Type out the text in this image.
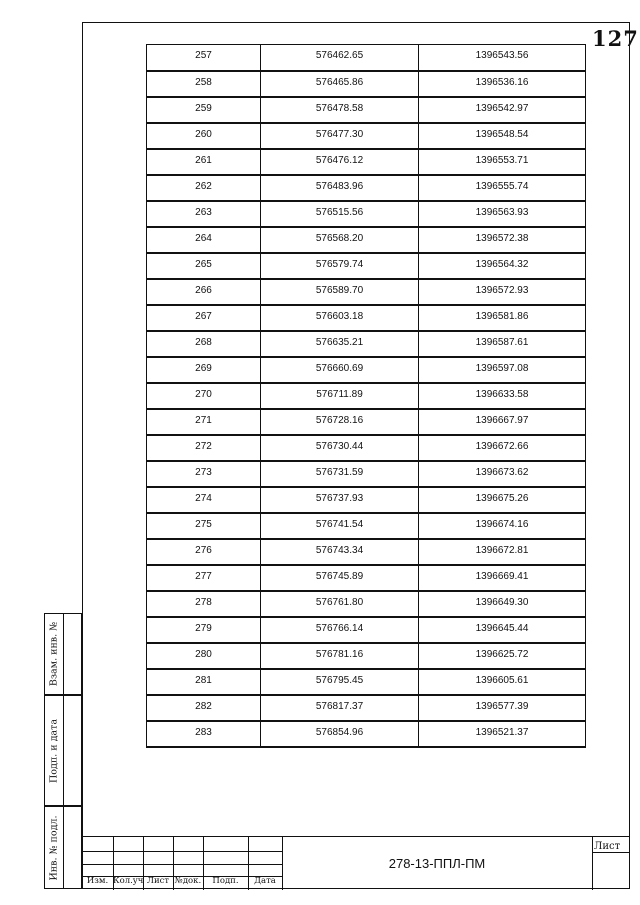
127
257	576462.65	1396543.56
258	576465.86	1396536.16
259	576478.58	1396542.97
260	576477.30	1396548.54
261	576476.12	1396553.71
262	576483.96	1396555.74
263	576515.56	1396563.93
264	576568.20	1396572.38
265	576579.74	1396564.32
266	576589.70	1396572.93
267	576603.18	1396581.86
268	576635.21	1396587.61
269	576660.69	1396597.08
270	576711.89	1396633.58
271	576728.16	1396667.97
272	576730.44	1396672.66
273	576731.59	1396673.62
274	576737.93	1396675.26
275	576741.54	1396674.16
276	576743.34	1396672.81
277	576745.89	1396669.41
278	576761.80	1396649.30
279	576766.14	1396645.44
280	576781.16	1396625.72
281	576795.45	1396605.61
282	576817.37	1396577.39
283	576854.96	1396521.37
Взам. инв. №
Подп. и дата
Инв. № подл.
Изм. Кол.уч Лист №док.	Подп.	Дата
278-13-ППЛ-ПМ
Лист
